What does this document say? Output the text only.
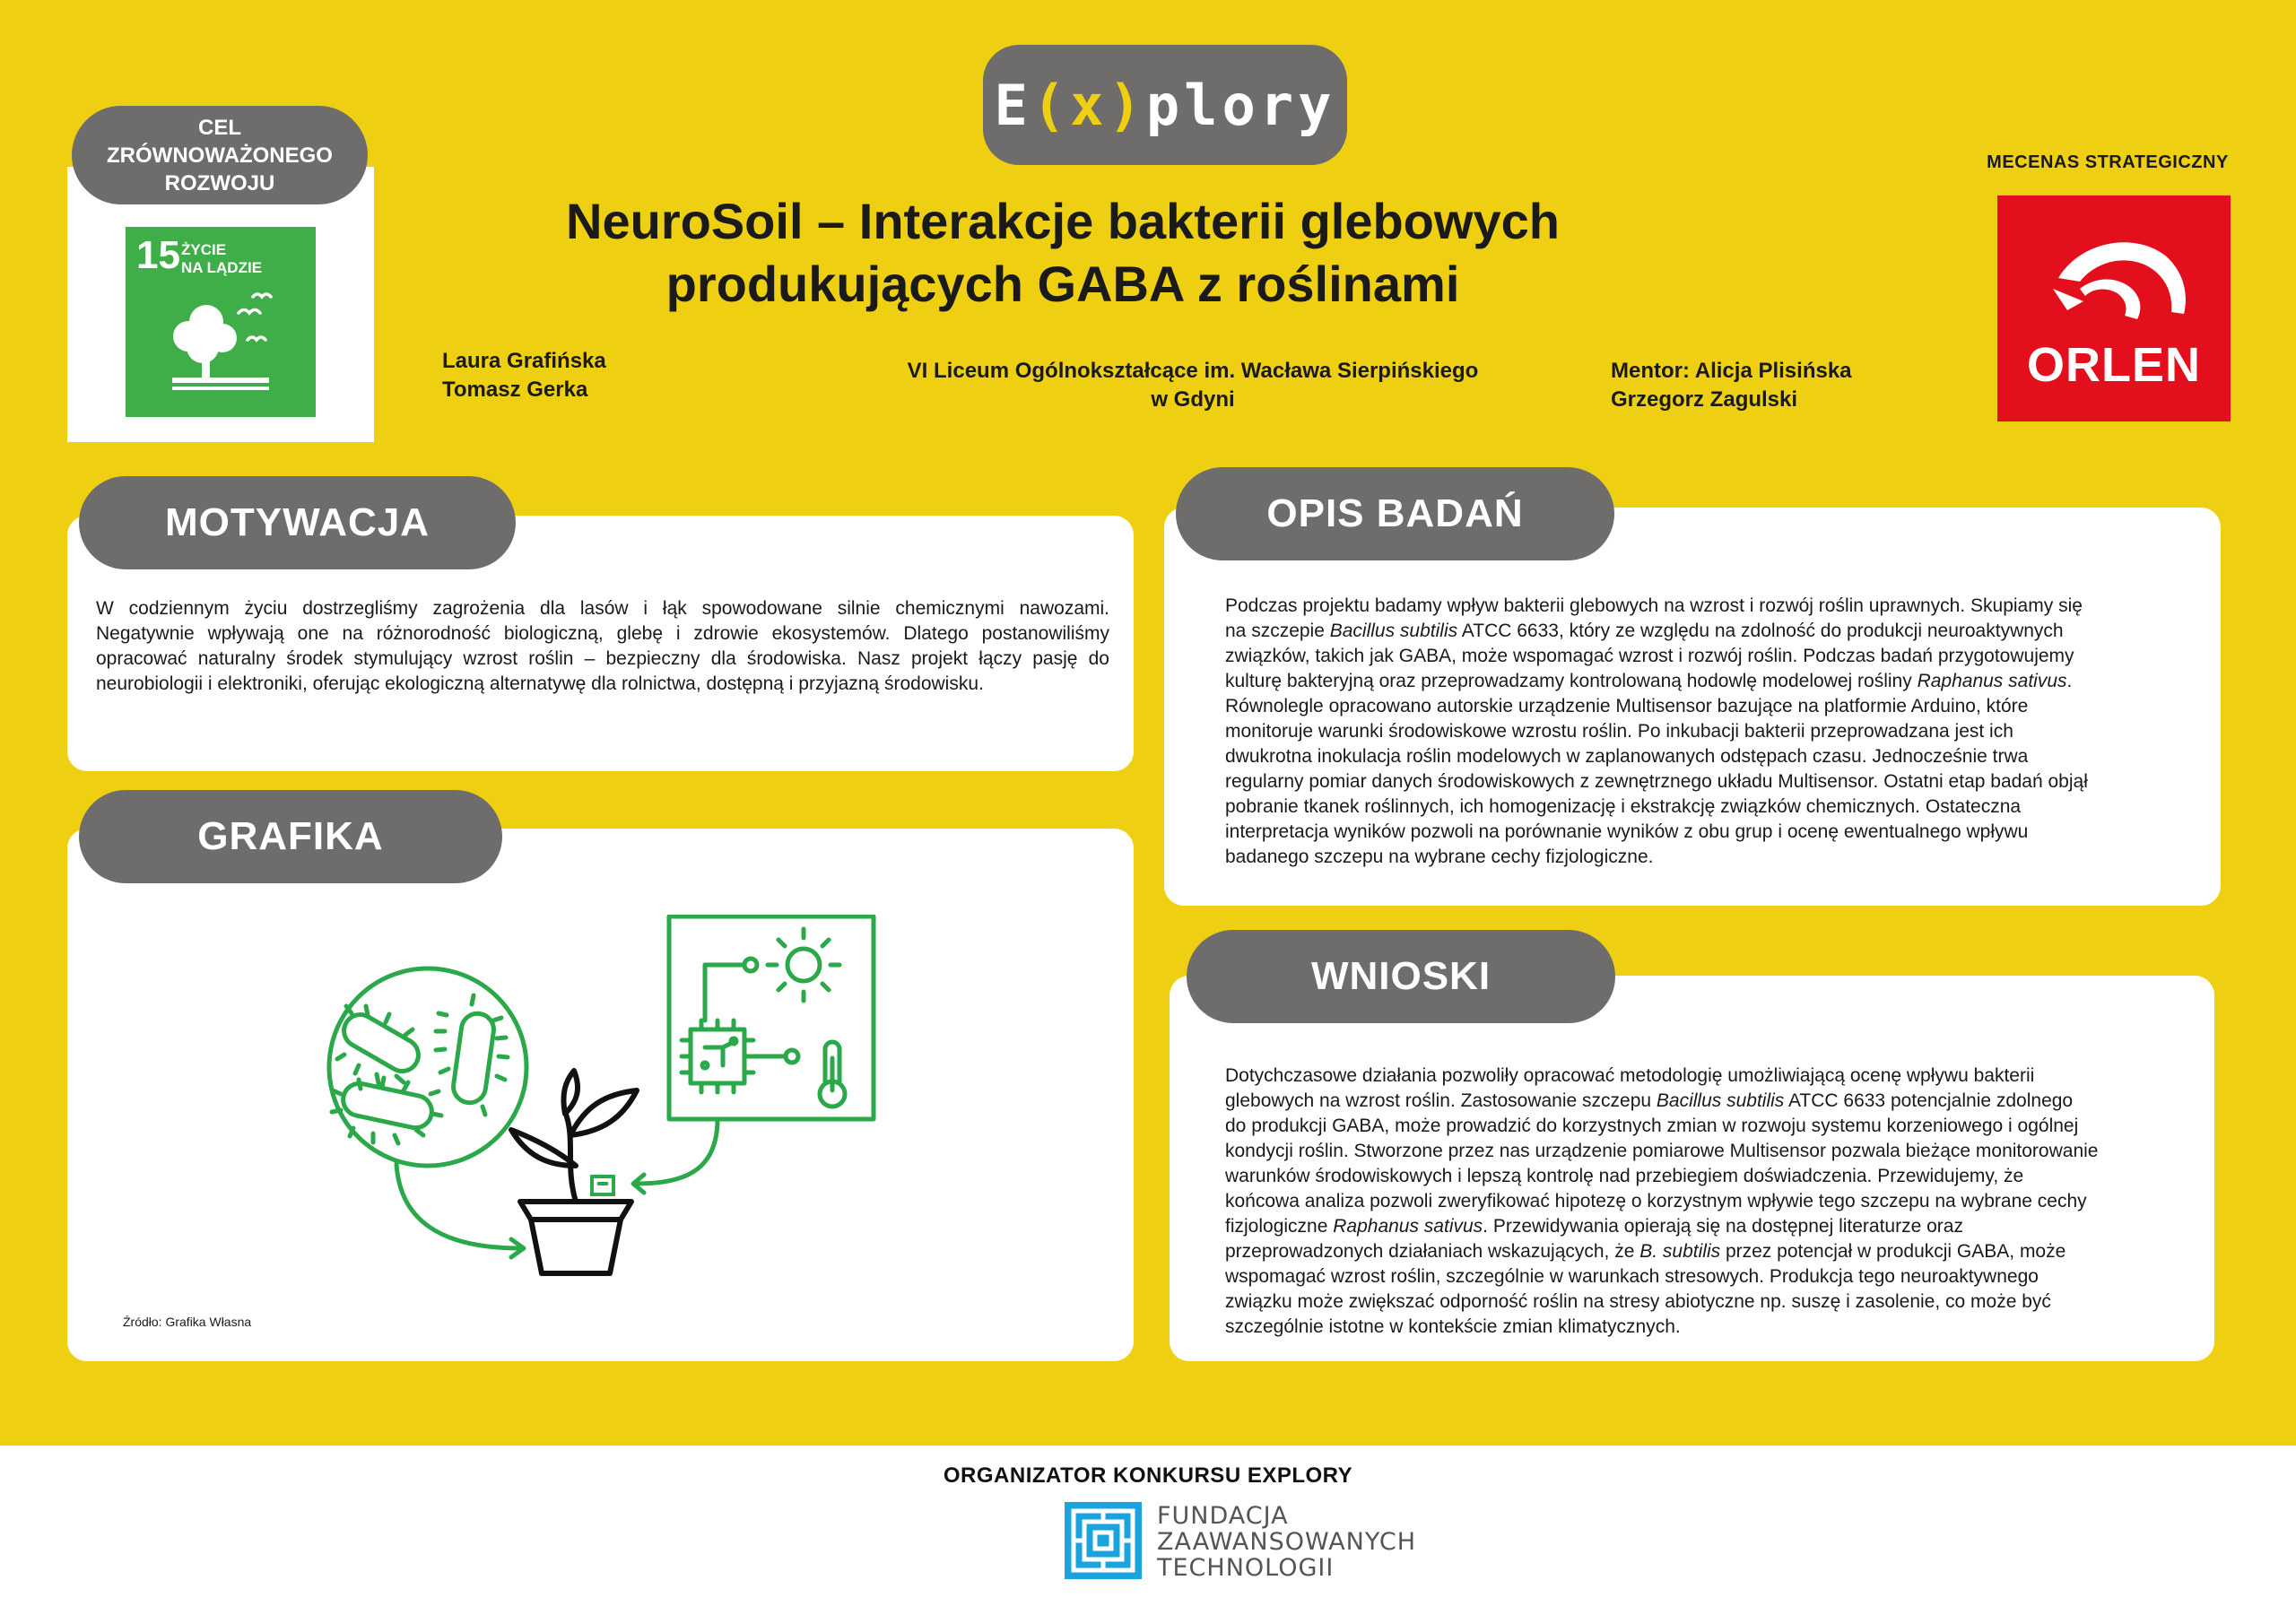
E ( x ) plory
CEL
ZRÓWNOWAŻONEGO
ROZWOJU
15 ŻYCIE
NA LĄDZIE
NeuroSoil – Interakcje bakterii glebowych
produkujących GABA z roślinami
Laura Grafińska
Tomasz Gerka
VI Liceum Ogólnokształcące im. Wacława Sierpińskiego
w Gdyni
Mentor: Alicja Plisińska
Grzegorz Zagulski
MECENAS STRATEGICZNY
ORLEN
MOTYWACJA
W codziennym życiu dostrzegliśmy zagrożenia dla lasów i łąk spowodowane silnie chemicznymi nawozami.
Negatywnie wpływają one na różnorodność biologiczną, glebę i zdrowie ekosystemów. Dlatego postanowiliśmy
opracować naturalny środek stymulujący wzrost roślin – bezpieczny dla środowiska. Nasz projekt łączy pasję do
neurobiologii i elektroniki, oferując ekologiczną alternatywę dla rolnictwa, dostępną i przyjazną środowisku.
GRAFIKA
Źródło: Grafika Własna
OPIS BADAŃ
Podczas projektu badamy wpływ bakterii glebowych na wzrost i rozwój roślin uprawnych. Skupiamy się
na szczepie Bacillus subtilis ATCC 6633, który ze względu na zdolność do produkcji neuroaktywnych
związków, takich jak GABA, może wspomagać wzrost i rozwój roślin. Podczas badań przygotowujemy
kulturę bakteryjną oraz przeprowadzamy kontrolowaną hodowlę modelowej rośliny Raphanus sativus.
Równolegle opracowano autorskie urządzenie Multisensor bazujące na platformie Arduino, które
monitoruje warunki środowiskowe wzrostu roślin. Po inkubacji bakterii przeprowadzana jest ich
dwukrotna inokulacja roślin modelowych w zaplanowanych odstępach czasu. Jednocześnie trwa
regularny pomiar danych środowiskowych z zewnętrznego układu Multisensor. Ostatni etap badań objął
pobranie tkanek roślinnych, ich homogenizację i ekstrakcję związków chemicznych. Ostateczna
interpretacja wyników pozwoli na porównanie wyników z obu grup i ocenę ewentualnego wpływu
badanego szczepu na wybrane cechy fizjologiczne.
WNIOSKI
Dotychczasowe działania pozwoliły opracować metodologię umożliwiającą ocenę wpływu bakterii
glebowych na wzrost roślin. Zastosowanie szczepu Bacillus subtilis ATCC 6633 potencjalnie zdolnego
do produkcji GABA, może prowadzić do korzystnych zmian w rozwoju systemu korzeniowego i ogólnej
kondycji roślin. Stworzone przez nas urządzenie pomiarowe Multisensor pozwala bieżące monitorowanie
warunków środowiskowych i lepszą kontrolę nad przebiegiem doświadczenia. Przewidujemy, że
końcowa analiza pozwoli zweryfikować hipotezę o korzystnym wpływie tego szczepu na wybrane cechy
fizjologiczne Raphanus sativus. Przewidywania opierają się na dostępnej literaturze oraz
przeprowadzonych działaniach wskazujących, że B. subtilis przez potencjał w produkcji GABA, może
wspomagać wzrost roślin, szczególnie w warunkach stresowych. Produkcja tego neuroaktywnego
związku może zwiększać odporność roślin na stresy abiotyczne np. suszę i zasolenie, co może być
szczególnie istotne w kontekście zmian klimatycznych.
ORGANIZATOR KONKURSU EXPLORY
FUNDACJA
ZAAWANSOWANYCH
TECHNOLOGII
